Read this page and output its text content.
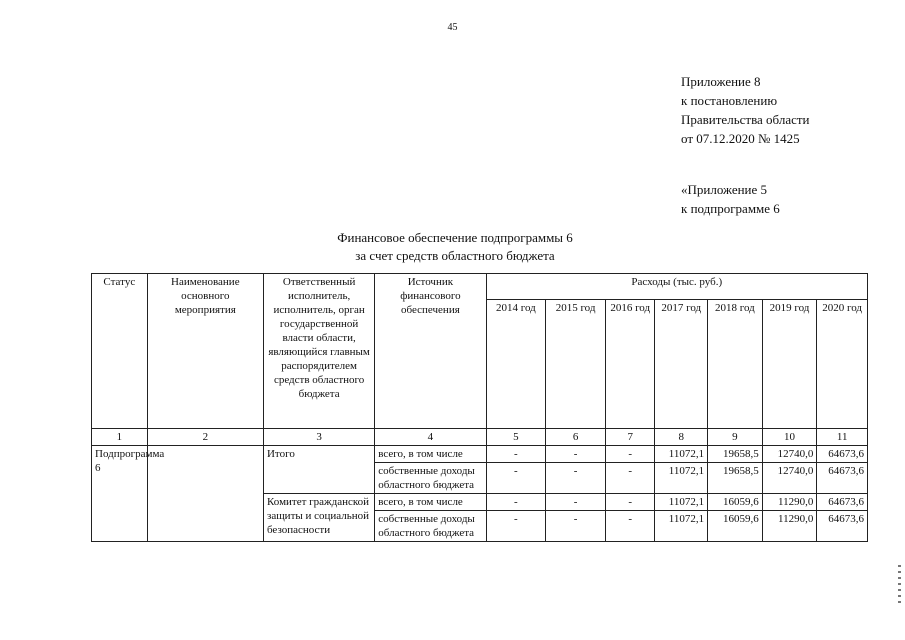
45
Приложение 8
к постановлению
Правительства области
от 07.12.2020 № 1425
«Приложение 5
к подпрограмме 6
Финансовое обеспечение подпрограммы 6
за счет средств областного бюджета
Статус	Наименование основного мероприятия	Ответственный исполнитель, исполнитель, орган государственной власти области, являющийся главным распорядителем средств областного бюджета	Источник финансового обеспечения	Расходы (тыс. руб.)						
				2014 год	2015 год	2016 год	2017 год	2018 год	2019 год	2020 год
1	2	3	4	5	6	7	8	9	10	11
Подпрограмма 6		Итого	всего, в том числе	-	-	-	11072,1	19658,5	12740,0	64673,6
			собственные доходы областного бюджета	-	-	-	11072,1	19658,5	12740,0	64673,6
		Комитет гражданской защиты и социальной безопасности	всего, в том числе	-	-	-	11072,1	16059,6	11290,0	64673,6
			собственные доходы областного бюджета	-	-	-	11072,1	16059,6	11290,0	64673,6
